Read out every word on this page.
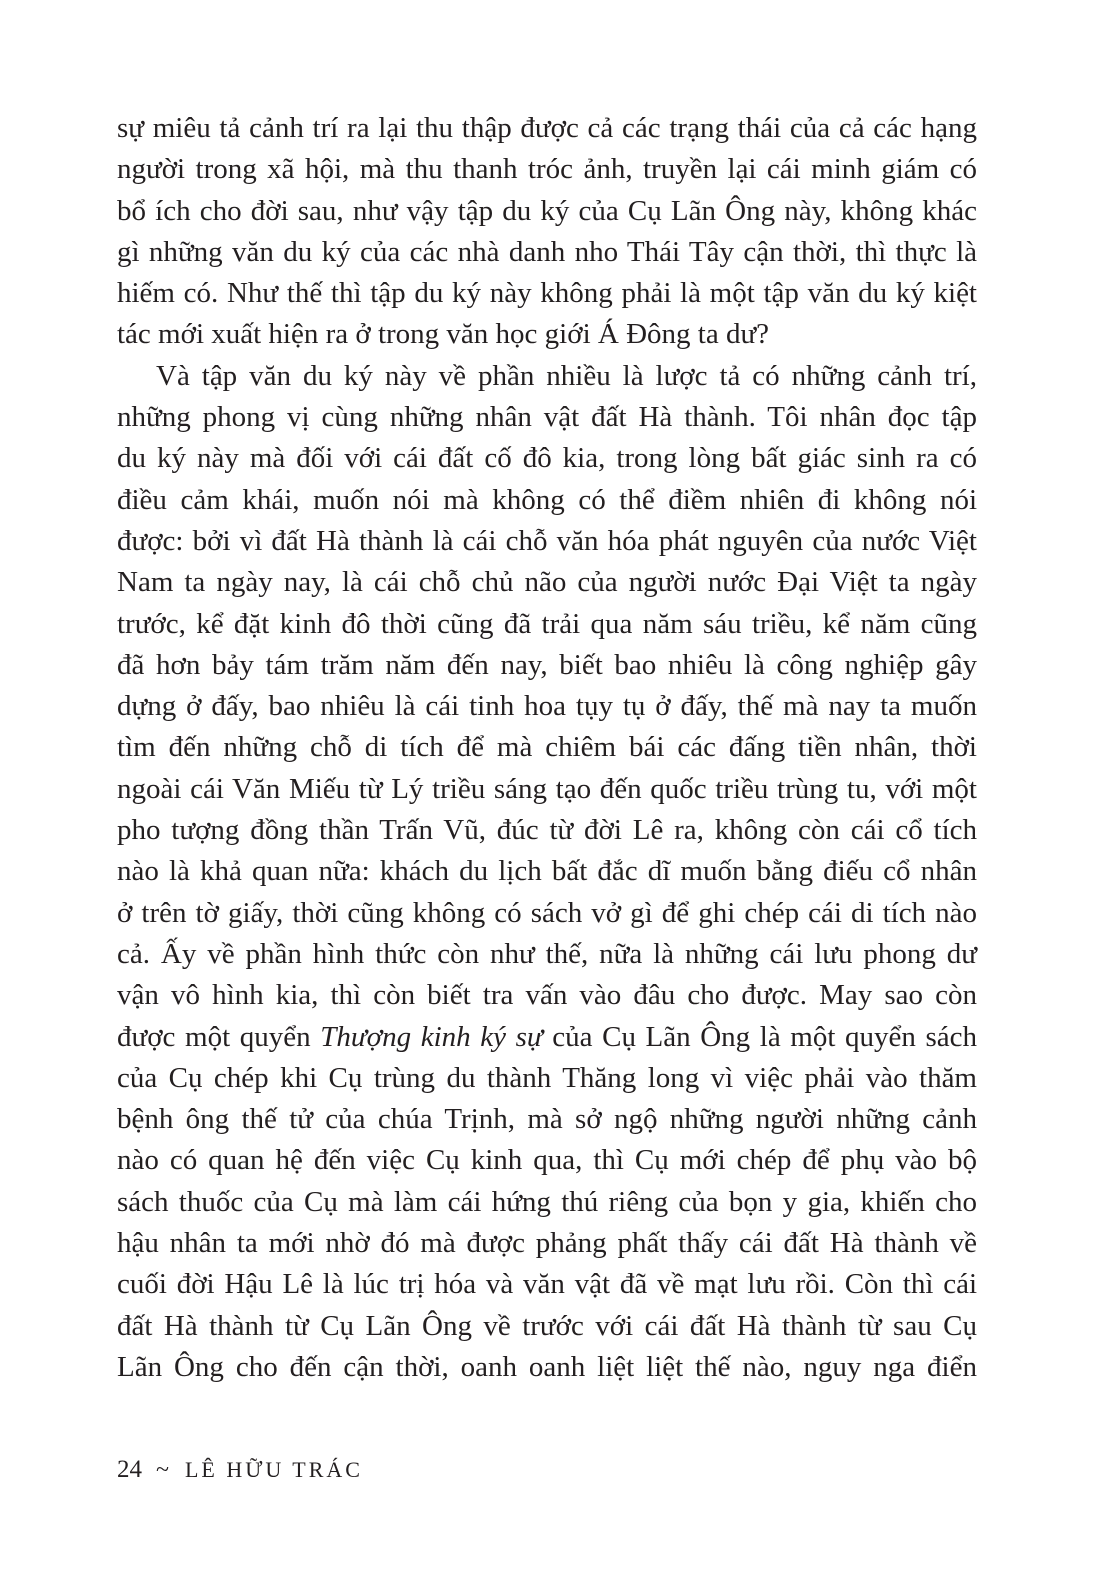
sự miêu tả cảnh trí ra lại thu thập được cả các trạng thái của cả các hạng
người trong xã hội, mà thu thanh tróc ảnh, truyền lại cái minh giám có
bổ ích cho đời sau, như vậy tập du ký của Cụ Lãn Ông này, không khác
gì những văn du ký của các nhà danh nho Thái Tây cận thời, thì thực là
hiếm có. Như thế thì tập du ký này không phải là một tập văn du ký kiệt
tác mới xuất hiện ra ở trong văn học giới Á Đông ta dư?
Và tập văn du ký này về phần nhiều là lược tả có những cảnh trí,
những phong vị cùng những nhân vật đất Hà thành. Tôi nhân đọc tập
du ký này mà đối với cái đất cố đô kia, trong lòng bất giác sinh ra có
điều cảm khái, muốn nói mà không có thể điềm nhiên đi không nói
được: bởi vì đất Hà thành là cái chỗ văn hóa phát nguyên của nước Việt
Nam ta ngày nay, là cái chỗ chủ não của người nước Đại Việt ta ngày
trước, kể đặt kinh đô thời cũng đã trải qua năm sáu triều, kể năm cũng
đã hơn bảy tám trăm năm đến nay, biết bao nhiêu là công nghiệp gây
dựng ở đấy, bao nhiêu là cái tinh hoa tụy tụ ở đấy, thế mà nay ta muốn
tìm đến những chỗ di tích để mà chiêm bái các đấng tiền nhân, thời
ngoài cái Văn Miếu từ Lý triều sáng tạo đến quốc triều trùng tu, với một
pho tượng đồng thần Trấn Vũ, đúc từ đời Lê ra, không còn cái cổ tích
nào là khả quan nữa: khách du lịch bất đắc dĩ muốn bằng điếu cổ nhân
ở trên tờ giấy, thời cũng không có sách vở gì để ghi chép cái di tích nào
cả. Ấy về phần hình thức còn như thế, nữa là những cái lưu phong dư
vận vô hình kia, thì còn biết tra vấn vào đâu cho được. May sao còn
được một quyển Thượng kinh ký sự của Cụ Lãn Ông là một quyển sách
của Cụ chép khi Cụ trùng du thành Thăng long vì việc phải vào thăm
bệnh ông thế tử của chúa Trịnh, mà sở ngộ những người những cảnh
nào có quan hệ đến việc Cụ kinh qua, thì Cụ mới chép để phụ vào bộ
sách thuốc của Cụ mà làm cái hứng thú riêng của bọn y gia, khiến cho
hậu nhân ta mới nhờ đó mà được phảng phất thấy cái đất Hà thành về
cuối đời Hậu Lê là lúc trị hóa và văn vật đã về mạt lưu rồi. Còn thì cái
đất Hà thành từ Cụ Lãn Ông về trước với cái đất Hà thành từ sau Cụ
Lãn Ông cho đến cận thời, oanh oanh liệt liệt thế nào, nguy nga điển
24 ~ LÊ HỮU TRÁC
